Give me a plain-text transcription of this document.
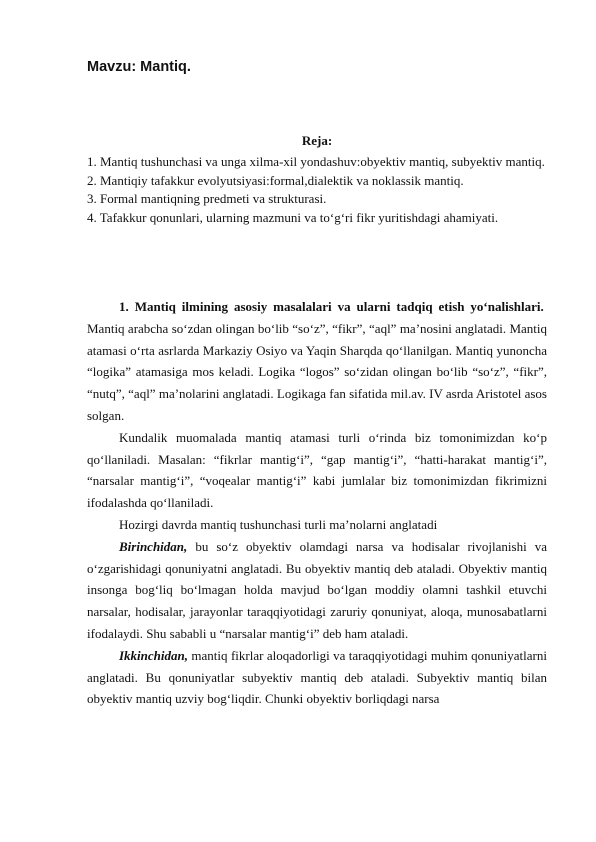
Mavzu: Mantiq.
Reja:

1. Mantiq tushunchasi va unga xilma-xil yondashuv:obyektiv mantiq, subyektiv mantiq.

2. Mantiqiy tafakkur evolyutsiyasi:formal,dialektik va noklassik mantiq.

3. Formal mantiqning predmeti va strukturasi.

4. Tafakkur qonunlari, ularning mazmuni va to‘g‘ri fikr yuritishdagi ahamiyati.

1. Mantiq ilmining asosiy masalalari va ularni tadqiq etish yo‘nalishlari.  Mantiq arabcha so‘zdan olingan bo‘lib “so‘z”, “fikr”, “aql” ma’nosini anglatadi. Mantiq atamasi o‘rta asrlarda Markaziy Osiyo va Yaqin Sharqda qo‘llanilgan. Mantiq yunoncha “logika” atamasiga mos keladi. Logika “logos” so‘zidan olingan bo‘lib “so‘z”, “fikr”, “nutq”, “aql” ma’nolarini anglatadi. Logikaga fan sifatida mil.av. IV asrda Aristotel asos solgan.

Kundalik muomalada mantiq atamasi turli o‘rinda biz tomonimizdan ko‘p qo‘llaniladi. Masalan: “fikrlar mantig‘i”, “gap mantig‘i”, “hatti-harakat mantig‘i”, “narsalar mantig‘i”, “voqealar mantig‘i” kabi jumlalar biz tomonimizdan fikrimizni ifodalashda qo‘llaniladi.

Hozirgi davrda mantiq tushunchasi turli ma’nolarni anglatadi

Birinchidan, bu so‘z obyektiv olamdagi narsa va hodisalar rivojlanishi va o‘zgarishidagi qonuniyatni anglatadi. Bu obyektiv mantiq deb ataladi. Obyektiv mantiq insonga bog‘liq bo‘lmagan holda mavjud bo‘lgan moddiy olamni tashkil etuvchi narsalar, hodisalar, jarayonlar taraqqiyotidagi zaruriy qonuniyat, aloqa, munosabatlarni ifodalaydi. Shu sababli u “narsalar mantig‘i” deb ham ataladi.

Ikkinchidan, mantiq fikrlar aloqadorligi va taraqqiyotidagi muhim qonuniyatlarni anglatadi. Bu qonuniyatlar subyektiv mantiq deb ataladi. Subyektiv mantiq bilan obyektiv mantiq uzviy bog‘liqdir. Chunki obyektiv borliqdagi narsa
